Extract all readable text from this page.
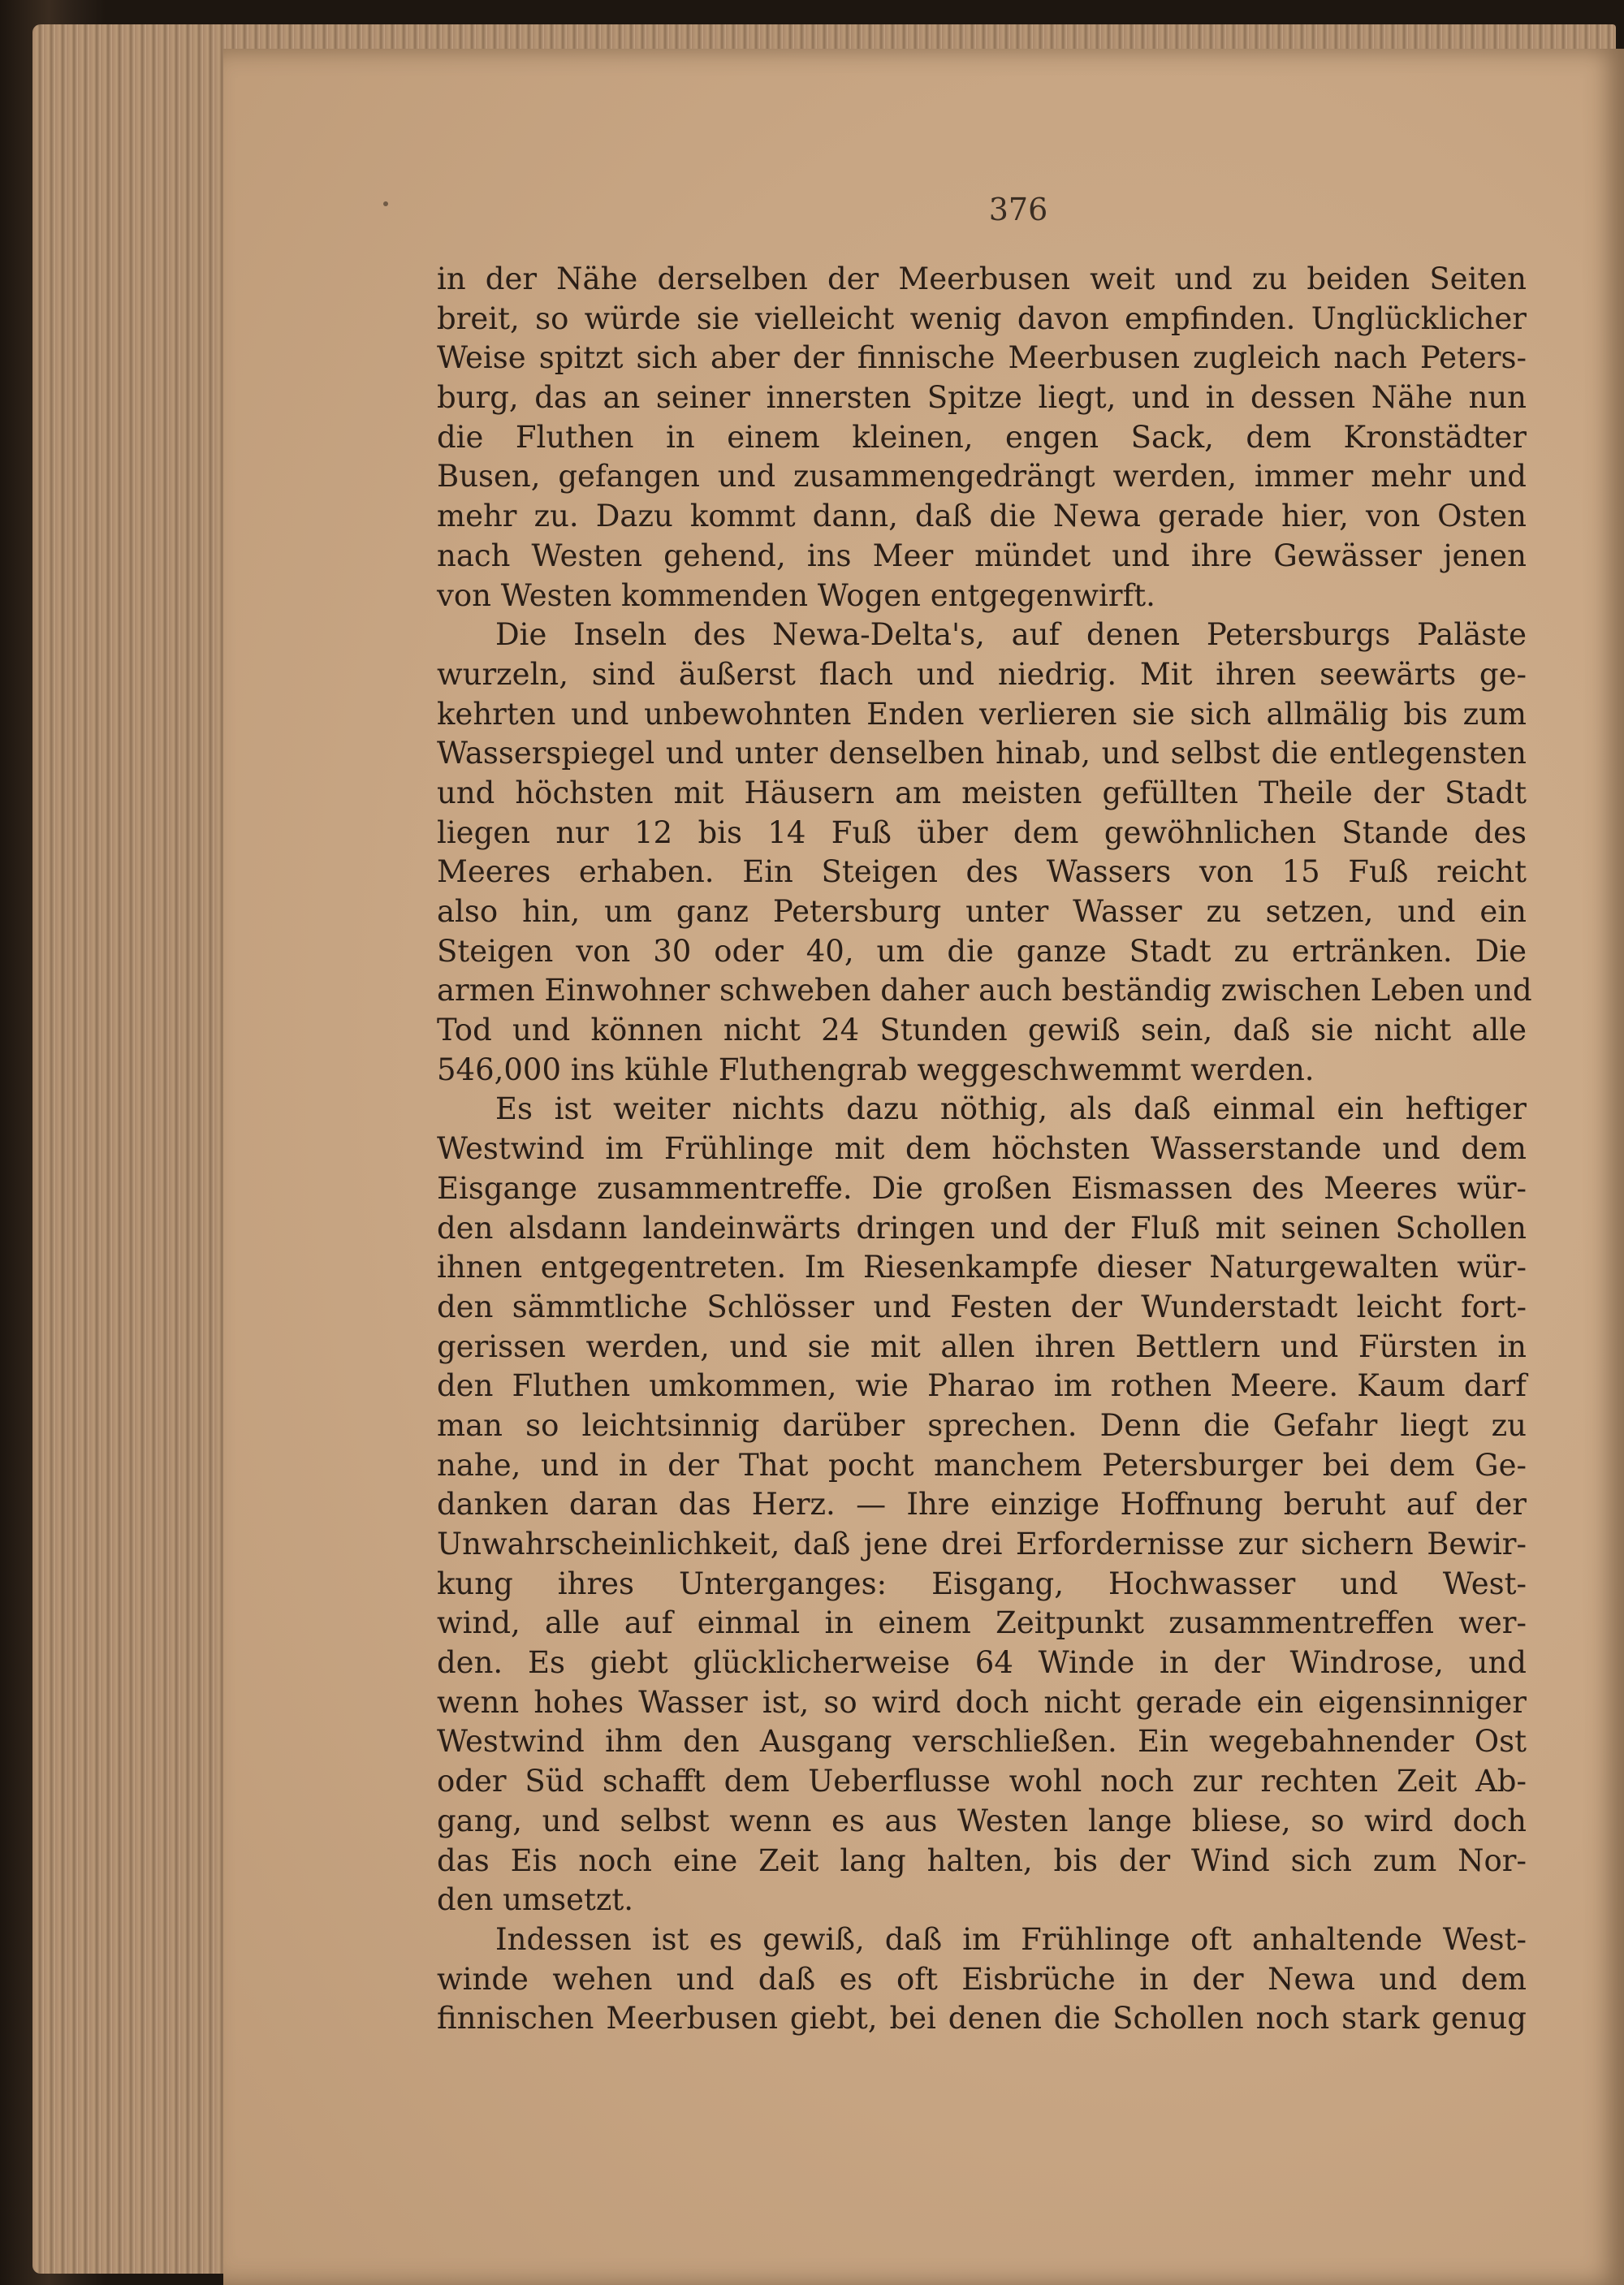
376
in der Nähe derselben der Meerbusen weit und zu beiden Seiten
breit, so würde sie vielleicht wenig davon empfinden. Unglücklicher
Weise spitzt sich aber der finnische Meerbusen zugleich nach Peters-
burg, das an seiner innersten Spitze liegt, und in dessen Nähe nun
die Fluthen in einem kleinen, engen Sack, dem Kronstädter
Busen, gefangen und zusammengedrängt werden, immer mehr und
mehr zu. Dazu kommt dann, daß die Newa gerade hier, von Osten
nach Westen gehend, ins Meer mündet und ihre Gewässer jenen
von Westen kommenden Wogen entgegenwirft.
Die Inseln des Newa-Delta's, auf denen Petersburgs Paläste
wurzeln, sind äußerst flach und niedrig. Mit ihren seewärts ge-
kehrten und unbewohnten Enden verlieren sie sich allmälig bis zum
Wasserspiegel und unter denselben hinab, und selbst die entlegensten
und höchsten mit Häusern am meisten gefüllten Theile der Stadt
liegen nur 12 bis 14 Fuß über dem gewöhnlichen Stande des
Meeres erhaben. Ein Steigen des Wassers von 15 Fuß reicht
also hin, um ganz Petersburg unter Wasser zu setzen, und ein
Steigen von 30 oder 40, um die ganze Stadt zu ertränken. Die
armen Einwohner schweben daher auch beständig zwischen Leben und
Tod und können nicht 24 Stunden gewiß sein, daß sie nicht alle
546,000 ins kühle Fluthengrab weggeschwemmt werden.
Es ist weiter nichts dazu nöthig, als daß einmal ein heftiger
Westwind im Frühlinge mit dem höchsten Wasserstande und dem
Eisgange zusammentreffe. Die großen Eismassen des Meeres wür-
den alsdann landeinwärts dringen und der Fluß mit seinen Schollen
ihnen entgegentreten. Im Riesenkampfe dieser Naturgewalten wür-
den sämmtliche Schlösser und Festen der Wunderstadt leicht fort-
gerissen werden, und sie mit allen ihren Bettlern und Fürsten in
den Fluthen umkommen, wie Pharao im rothen Meere. Kaum darf
man so leichtsinnig darüber sprechen. Denn die Gefahr liegt zu
nahe, und in der That pocht manchem Petersburger bei dem Ge-
danken daran das Herz. — Ihre einzige Hoffnung beruht auf der
Unwahrscheinlichkeit, daß jene drei Erfordernisse zur sichern Bewir-
kung ihres Unterganges: Eisgang, Hochwasser und West-
wind, alle auf einmal in einem Zeitpunkt zusammentreffen wer-
den. Es giebt glücklicherweise 64 Winde in der Windrose, und
wenn hohes Wasser ist, so wird doch nicht gerade ein eigensinniger
Westwind ihm den Ausgang verschließen. Ein wegebahnender Ost
oder Süd schafft dem Ueberflusse wohl noch zur rechten Zeit Ab-
gang, und selbst wenn es aus Westen lange bliese, so wird doch
das Eis noch eine Zeit lang halten, bis der Wind sich zum Nor-
den umsetzt.
Indessen ist es gewiß, daß im Frühlinge oft anhaltende West-
winde wehen und daß es oft Eisbrüche in der Newa und dem
finnischen Meerbusen giebt, bei denen die Schollen noch stark genug
